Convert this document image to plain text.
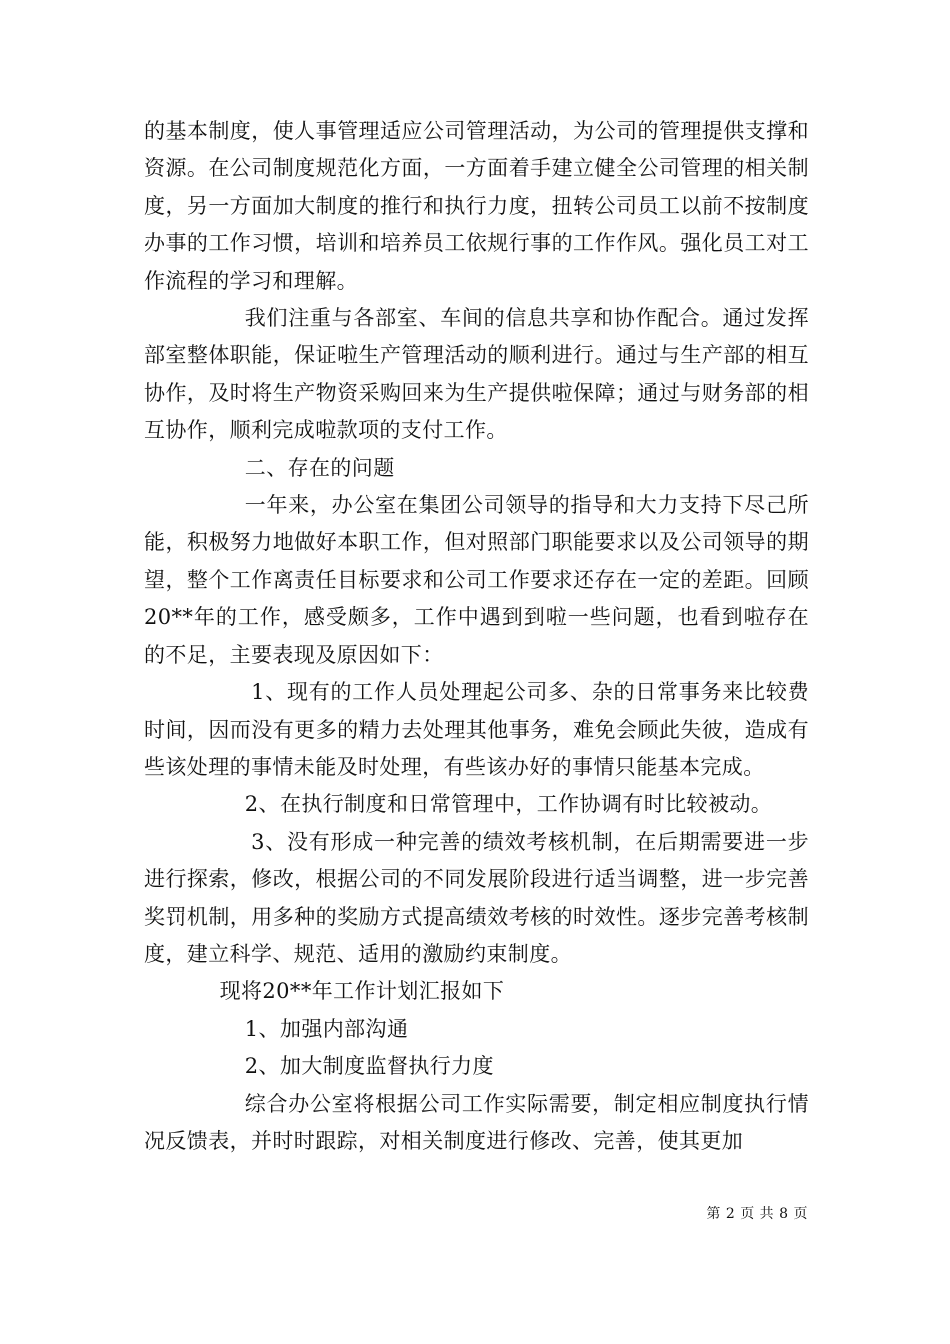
的基本制度，使人事管理适应公司管理活动，为公司的管理提供支撑和资源。在公司制度规范化方面，一方面着手建立健全公司管理的相关制度，另一方面加大制度的推行和执行力度，扭转公司员工以前不按制度办事的工作习惯，培训和培养员工依规行事的工作作风。强化员工对工作流程的学习和理解。

我们注重与各部室、车间的信息共享和协作配合。通过发挥部室整体职能，保证啦生产管理活动的顺利进行。通过与生产部的相互协作，及时将生产物资采购回来为生产提供啦保障；通过与财务部的相互协作，顺利完成啦款项的支付工作。

二、存在的问题

一年来，办公室在集团公司领导的指导和大力支持下尽己所能，积极努力地做好本职工作，但对照部门职能要求以及公司领导的期望，整个工作离责任目标要求和公司工作要求还存在一定的差距。回顾20**年的工作，感受颇多，工作中遇到到啦一些问题，也看到啦存在的不足，主要表现及原因如下：

1、现有的工作人员处理起公司多、杂的日常事务来比较费时间，因而没有更多的精力去处理其他事务，难免会顾此失彼，造成有些该处理的事情未能及时处理，有些该办好的事情只能基本完成。

2、在执行制度和日常管理中，工作协调有时比较被动。

3、没有形成一种完善的绩效考核机制，在后期需要进一步进行探索，修改，根据公司的不同发展阶段进行适当调整，进一步完善奖罚机制，用多种的奖励方式提高绩效考核的时效性。逐步完善考核制度，建立科学、规范、适用的激励约束制度。

现将20**年工作计划汇报如下

1、加强内部沟通

2、加大制度监督执行力度

综合办公室将根据公司工作实际需要，制定相应制度执行情况反馈表，并时时跟踪，对相关制度进行修改、完善，使其更加

第 2 页 共 8 页
